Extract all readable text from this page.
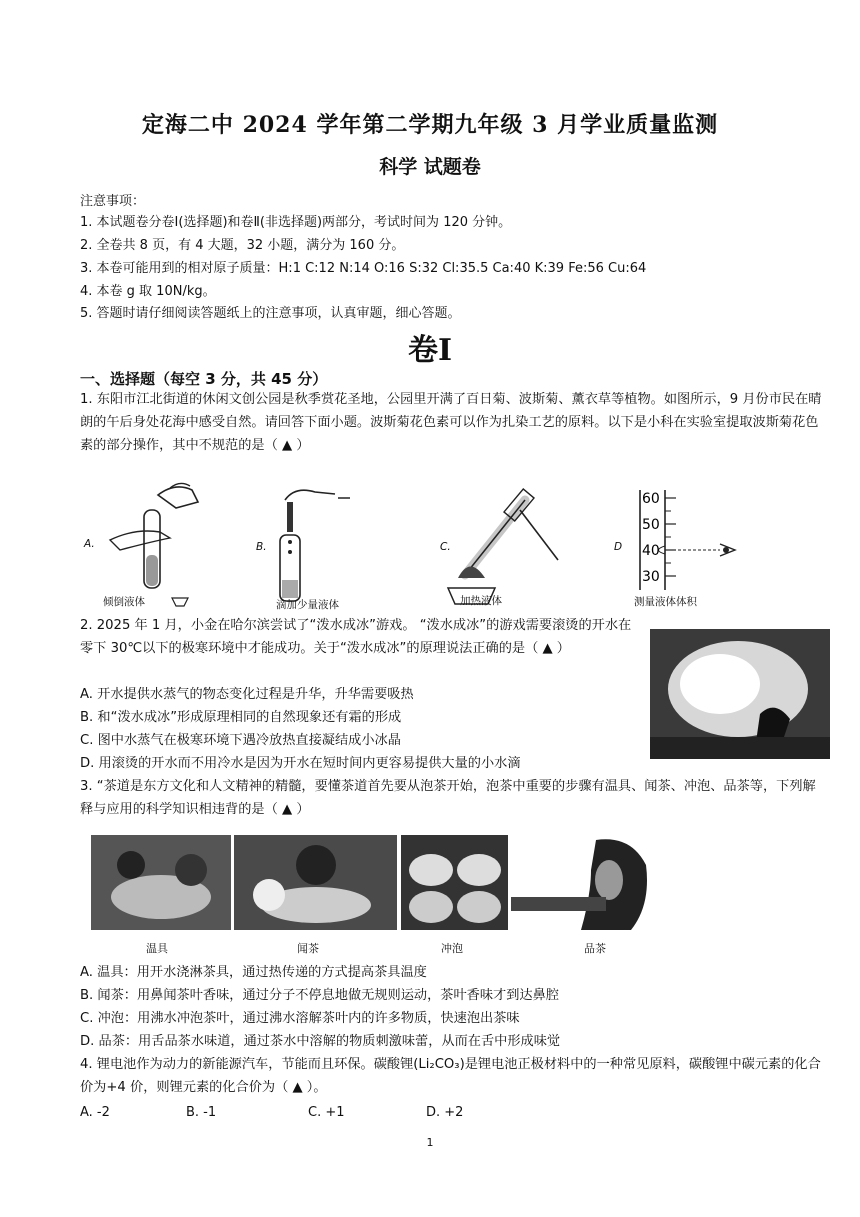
定海二中 2024 学年第二学期九年级 3 月学业质量监测
科学 试题卷
注意事项：
1. 本试题卷分卷Ⅰ(选择题)和卷Ⅱ(非选择题)两部分，考试时间为 120 分钟。
2. 全卷共 8 页，有 4 大题，32 小题，满分为 160 分。
3. 本卷可能用到的相对原子质量：H:1 C:12 N:14 O:16 S:32 Cl:35.5 Ca:40 K:39 Fe:56 Cu:64
4. 本卷 g 取 10N/kg。
5. 答题时请仔细阅读答题纸上的注意事项，认真审题，细心答题。
卷Ⅰ
一、选择题（每空 3 分，共 45 分）
1. 东阳市江北街道的休闲文创公园是秋季赏花圣地，公园里开满了百日菊、波斯菊、薰衣草等植物。如图所示，9 月份市民在晴朗的午后身处花海中感受自然。请回答下面小题。波斯菊花色素可以作为扎染工艺的原料。以下是小科在实验室提取波斯菊花色素的部分操作，其中不规范的是（ ▲ ）
60
50
40
30
A.	B.	C.	D
倾倒液体	滴加少量液体	加热液体	测量液体体积
2. 2025 年 1 月，小金在哈尔滨尝试了“泼水成冰”游戏。 “泼水成冰”的游戏需要滚烫的开水在零下 30℃以下的极寒环境中才能成功。关于“泼水成冰”的原理说法正确的是（ ▲ ）
A. 开水提供水蒸气的物态变化过程是升华，升华需要吸热
B. 和“泼水成冰”形成原理相同的自然现象还有霜的形成
C. 图中水蒸气在极寒环境下遇冷放热直接凝结成小冰晶
D. 用滚烫的开水而不用冷水是因为开水在短时间内更容易提供大量的小水滴
3. “茶道是东方文化和人文精神的精髓，要懂茶道首先要从泡茶开始，泡茶中重要的步骤有温具、闻茶、冲泡、品茶等，下列解释与应用的科学知识相违背的是（ ▲ ）
温具	闻茶	冲泡	品茶
A. 温具：用开水浇淋茶具，通过热传递的方式提高茶具温度
B. 闻茶：用鼻闻茶叶香味，通过分子不停息地做无规则运动，茶叶香味才到达鼻腔
C. 冲泡：用沸水冲泡茶叶，通过沸水溶解茶叶内的许多物质，快速泡出茶味
D. 品茶：用舌品茶水味道，通过茶水中溶解的物质刺激味蕾，从而在舌中形成味觉
4. 锂电池作为动力的新能源汽车，节能而且环保。碳酸锂(Li₂CO₃)是锂电池正极材料中的一种常见原料，碳酸锂中碳元素的化合价为+4 价，则锂元素的化合价为（ ▲ ）。
A. -2	B. -1	C. +1	D. +2
1
